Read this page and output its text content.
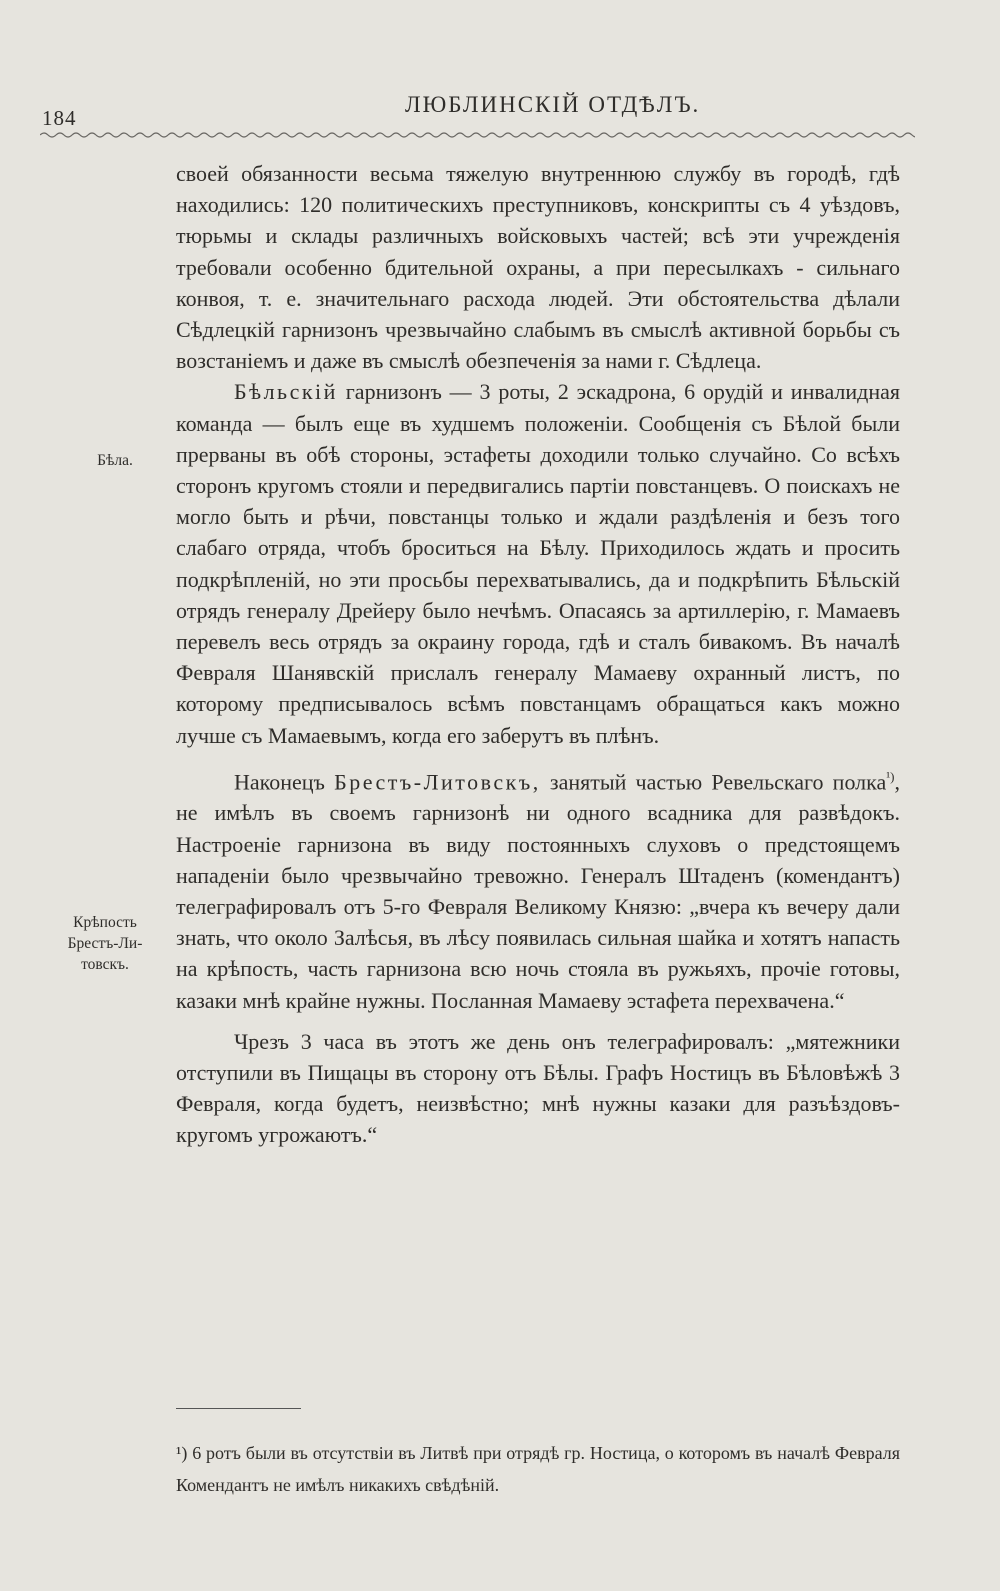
184
ЛЮБЛИНСКІЙ ОТДѢЛЪ.
Бѣла.
Крѣпость
Брестъ-Ли-
товскъ.

своей обязанности весьма тяжелую внутреннюю службу въ городѣ, гдѣ находились: 120 политическихъ преступниковъ, конскрипты съ 4 уѣздовъ, тюрьмы и склады различныхъ войсковыхъ частей; всѣ эти учрежденія требовали особенно бдительной охраны, а при пересылкахъ - сильнаго конвоя, т. е. значительнаго расхода людей. Эти обстоятельства дѣлали Сѣдлецкій гарнизонъ чрезвычайно слабымъ въ смыслѣ активной борьбы съ возстаніемъ и даже въ смыслѣ обезпеченія за нами г. Сѣдлеца.

Бѣльскій гарнизонъ — 3 роты, 2 эскадрона, 6 орудій и инвалидная команда — былъ еще въ худшемъ положеніи. Сообщенія съ Бѣлой были прерваны въ обѣ стороны, эстафеты доходили только случайно. Со всѣхъ сторонъ кругомъ стояли и передвигались партіи повстанцевъ. О поискахъ не могло быть и рѣчи, повстанцы только и ждали раздѣленія и безъ того слабаго отряда, чтобъ броситься на Бѣлу. Приходилось ждать и просить подкрѣпленій, но эти просьбы перехватывались, да и подкрѣпить Бѣльскій отрядъ генералу Дрейеру было нечѣмъ. Опасаясь за артиллерію, г. Мамаевъ перевелъ весь отрядъ за окраину города, гдѣ и сталъ бивакомъ. Въ началѣ Февраля Шанявскій прислалъ генералу Мамаеву охранный листъ, по которому предписывалось всѣмъ повстанцамъ обращаться какъ можно лучше съ Мамаевымъ, когда его заберутъ въ плѣнъ.

Наконецъ Брестъ-Литовскъ, занятый частью Ревельскаго полка$^{^1)}$, не имѣлъ въ своемъ гарнизонѣ ни одного всадника для развѣдокъ. Настроеніе гарнизона въ виду постоянныхъ слуховъ о предстоящемъ нападеніи было чрезвычайно тревожно. Генералъ Штаденъ (комендантъ) телеграфировалъ отъ 5-го Февраля Великому Князю: „вчера къ вечеру дали знать, что около Залѣсья, въ лѣсу появилась сильная шайка и хотятъ напасть на крѣпость, часть гарнизона всю ночь стояла въ ружьяхъ, прочіе готовы, казаки мнѣ крайне нужны. Посланная Мамаеву эстафета перехвачена.“

Чрезъ 3 часа въ этотъ же день онъ телеграфировалъ: „мятежники отступили въ Пищацы въ сторону отъ Бѣлы. Графъ Ностицъ въ Бѣловѣжѣ 3 Февраля, когда будетъ, неизвѣстно; мнѣ нужны казаки для разъѣздовъ- кругомъ угрожаютъ.“

¹) 6 ротъ были въ отсутствіи въ Литвѣ при отрядѣ гр. Ностица, о которомъ въ началѣ Февраля Комендантъ не имѣлъ никакихъ свѣдѣній.
